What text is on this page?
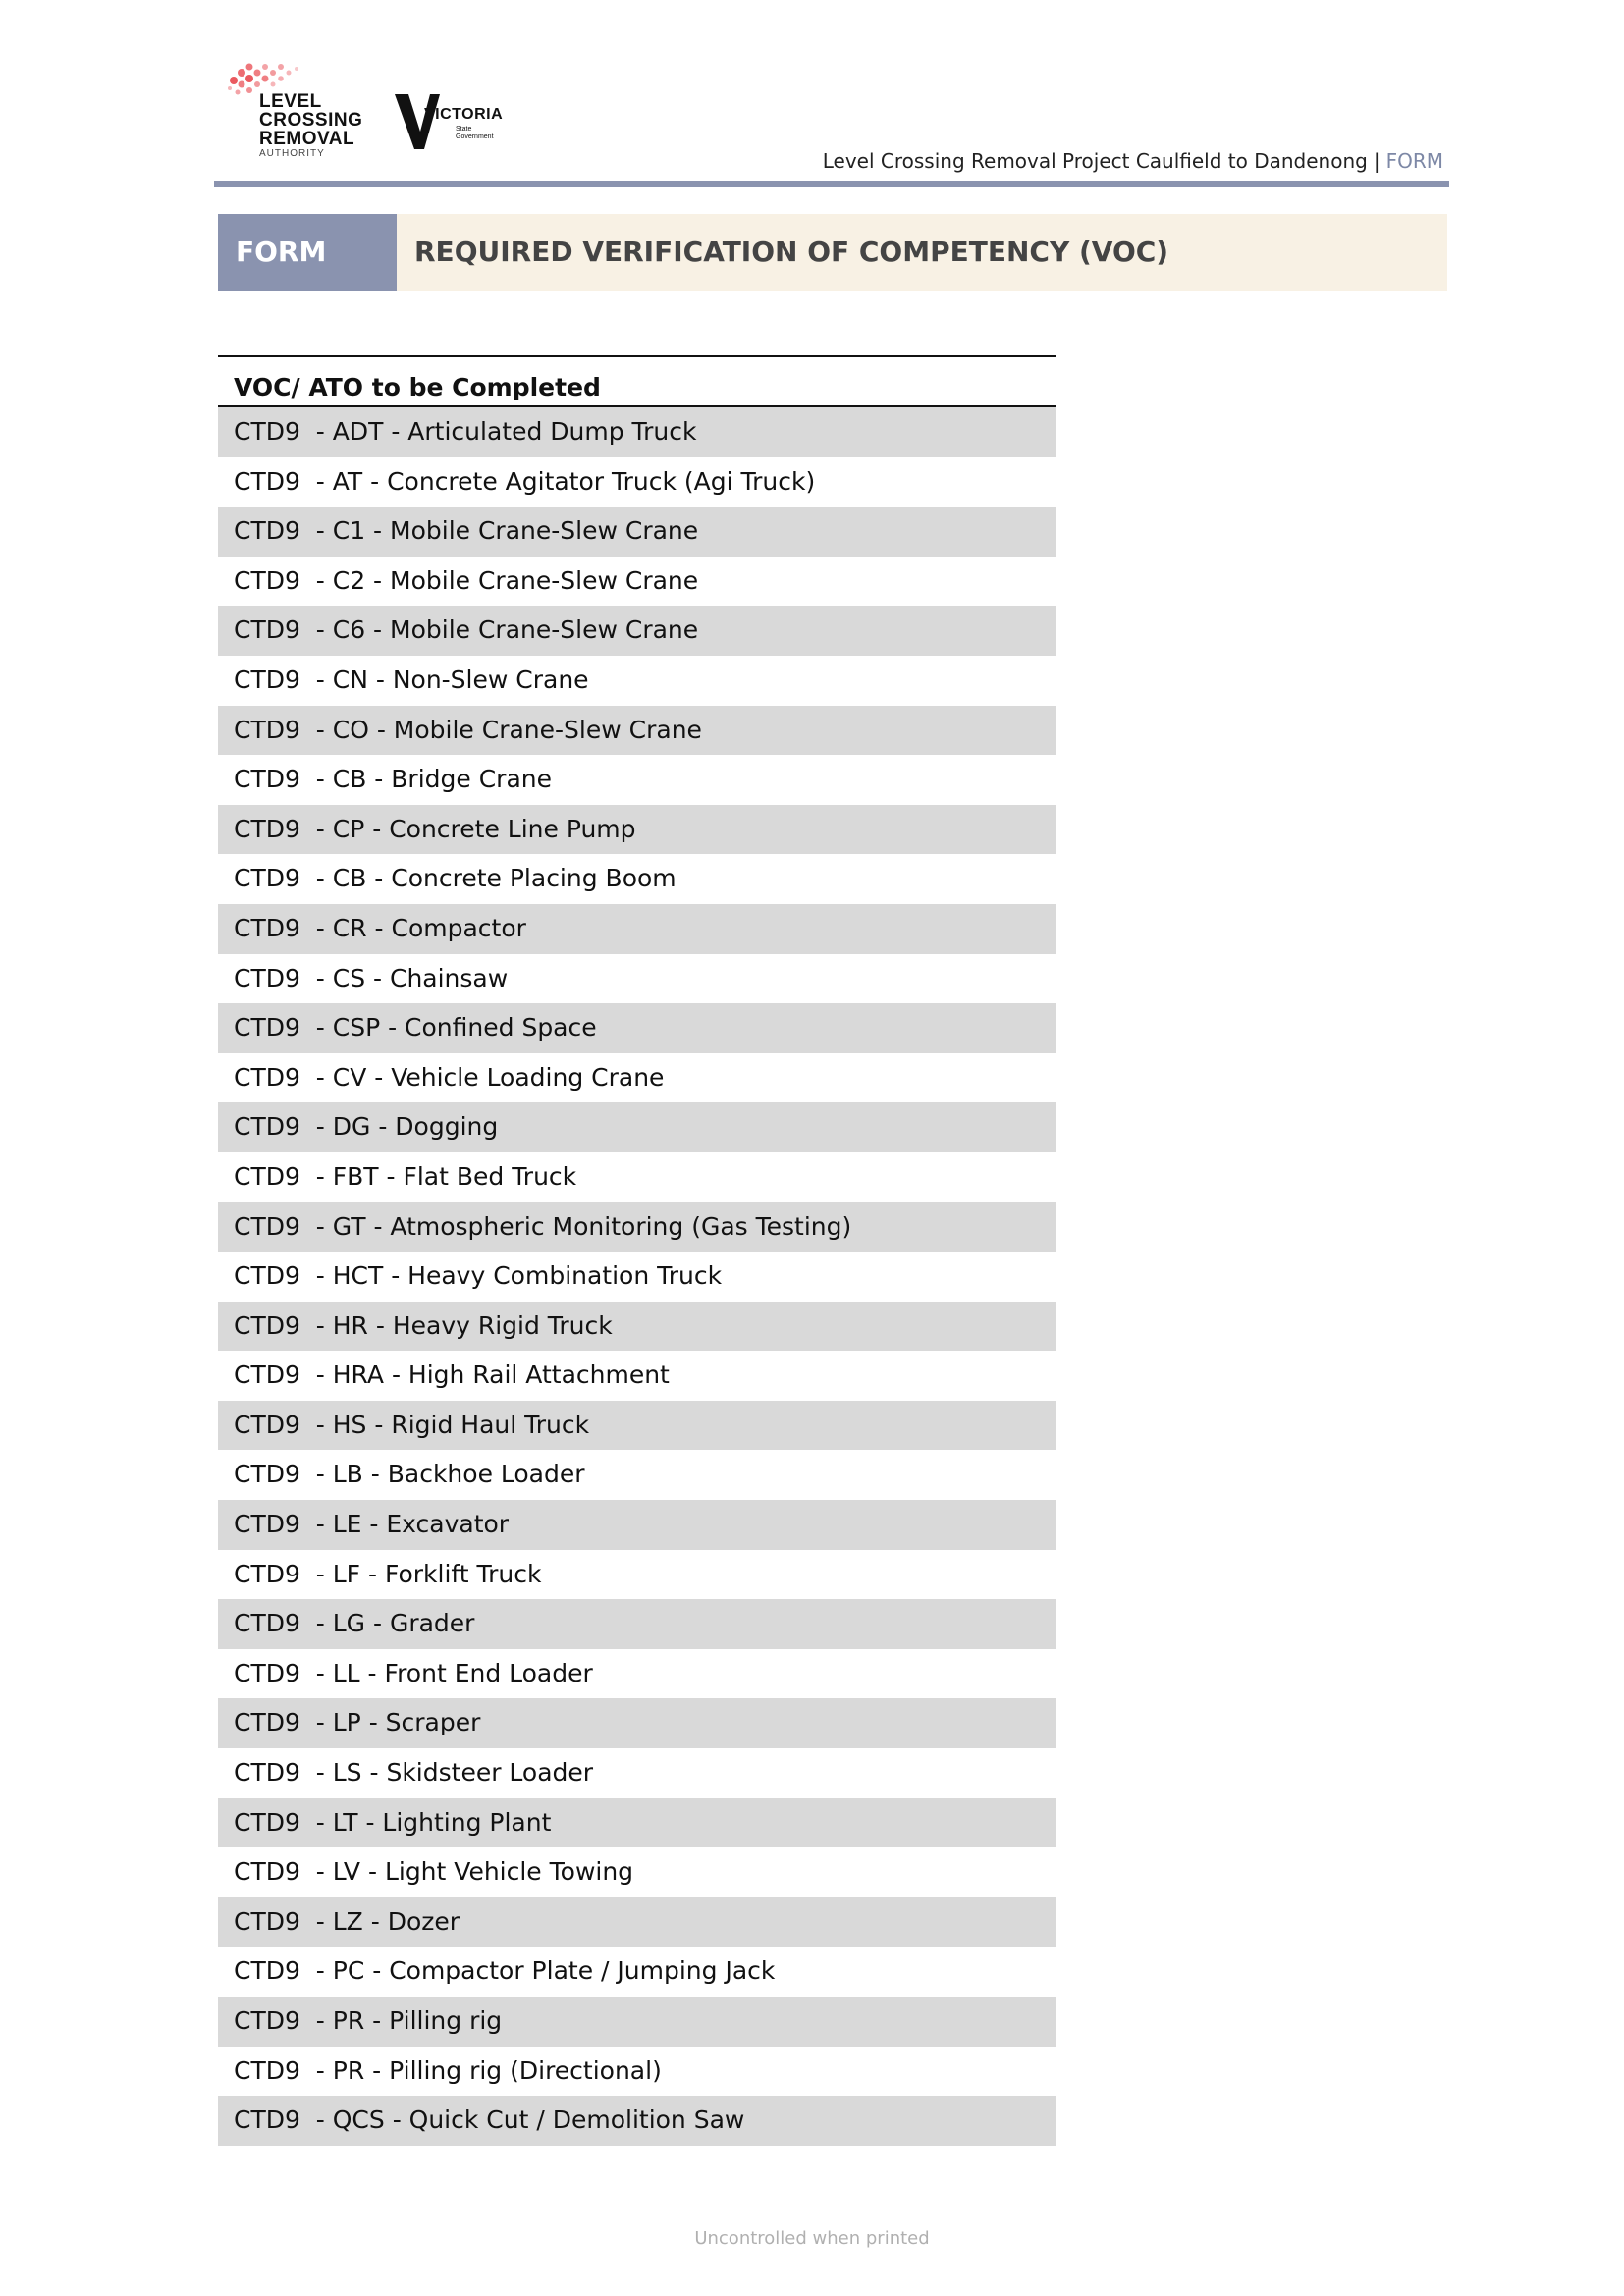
LEVEL
CROSSING
REMOVAL
AUTHORITY
VICTORIA
State
Government
Level Crossing Removal Project Caulfield to Dandenong | FORM
FORM	REQUIRED VERIFICATION OF COMPETENCY (VOC)
VOC/ ATO to be Completed
CTD9  - ADT - Articulated Dump Truck
CTD9  - AT - Concrete Agitator Truck (Agi Truck)
CTD9  - C1 - Mobile Crane-Slew Crane
CTD9  - C2 - Mobile Crane-Slew Crane
CTD9  - C6 - Mobile Crane-Slew Crane
CTD9  - CN - Non-Slew Crane
CTD9  - CO - Mobile Crane-Slew Crane
CTD9  - CB - Bridge Crane
CTD9  - CP - Concrete Line Pump
CTD9  - CB - Concrete Placing Boom
CTD9  - CR - Compactor
CTD9  - CS - Chainsaw
CTD9  - CSP - Confined Space
CTD9  - CV - Vehicle Loading Crane
CTD9  - DG - Dogging
CTD9  - FBT - Flat Bed Truck
CTD9  - GT - Atmospheric Monitoring (Gas Testing)
CTD9  - HCT - Heavy Combination Truck
CTD9  - HR - Heavy Rigid Truck
CTD9  - HRA - High Rail Attachment
CTD9  - HS - Rigid Haul Truck
CTD9  - LB - Backhoe Loader
CTD9  - LE - Excavator
CTD9  - LF - Forklift Truck
CTD9  - LG - Grader
CTD9  - LL - Front End Loader
CTD9  - LP - Scraper
CTD9  - LS - Skidsteer Loader
CTD9  - LT - Lighting Plant
CTD9  - LV - Light Vehicle Towing
CTD9  - LZ - Dozer
CTD9  - PC - Compactor Plate / Jumping Jack
CTD9  - PR - Pilling rig
CTD9  - PR - Pilling rig (Directional)
CTD9  - QCS - Quick Cut / Demolition Saw
Uncontrolled when printed
